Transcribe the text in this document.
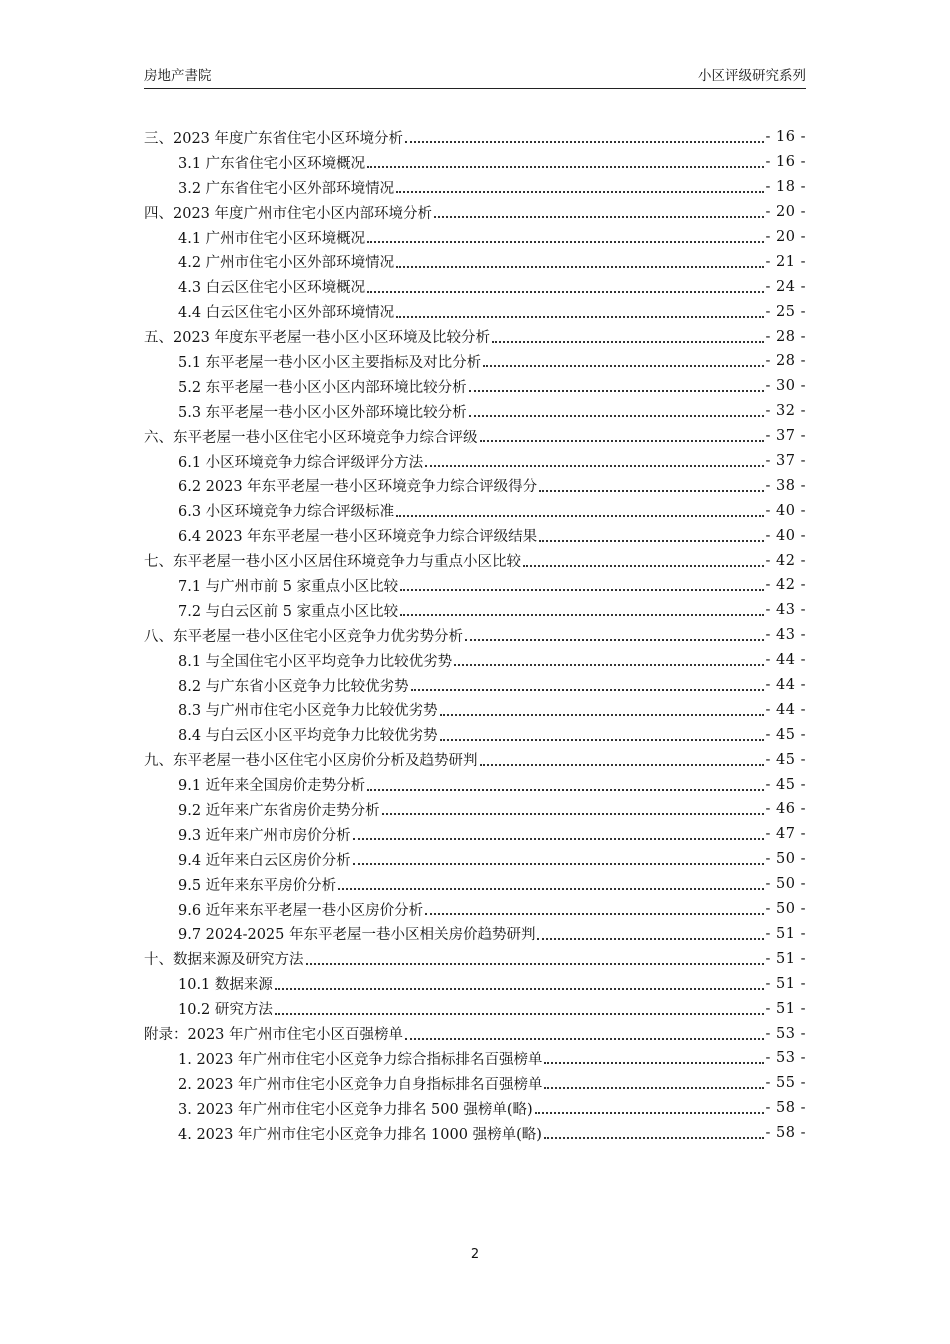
房地产書院	小区评级研究系列
三、2023 年度广东省住宅小区环境分析	- 16 -
3.1 广东省住宅小区环境概况	- 16 -
3.2 广东省住宅小区外部环境情况	- 18 -
四、2023 年度广州市住宅小区内部环境分析	- 20 -
4.1 广州市住宅小区环境概况	- 20 -
4.2 广州市住宅小区外部环境情况	- 21 -
4.3 白云区住宅小区环境概况	- 24 -
4.4 白云区住宅小区外部环境情况	- 25 -
五、2023 年度东平老屋一巷小区小区环境及比较分析	- 28 -
5.1 东平老屋一巷小区小区主要指标及对比分析	- 28 -
5.2 东平老屋一巷小区小区内部环境比较分析	- 30 -
5.3 东平老屋一巷小区小区外部环境比较分析	- 32 -
六、东平老屋一巷小区住宅小区环境竞争力综合评级	- 37 -
6.1 小区环境竞争力综合评级评分方法	- 37 -
6.2 2023 年东平老屋一巷小区环境竞争力综合评级得分	- 38 -
6.3 小区环境竞争力综合评级标准	- 40 -
6.4 2023 年东平老屋一巷小区环境竞争力综合评级结果	- 40 -
七、东平老屋一巷小区小区居住环境竞争力与重点小区比较	- 42 -
7.1 与广州市前 5 家重点小区比较	- 42 -
7.2 与白云区前 5 家重点小区比较	- 43 -
八、东平老屋一巷小区住宅小区竞争力优劣势分析	- 43 -
8.1 与全国住宅小区平均竞争力比较优劣势	- 44 -
8.2 与广东省小区竞争力比较优劣势	- 44 -
8.3 与广州市住宅小区竞争力比较优劣势	- 44 -
8.4 与白云区小区平均竞争力比较优劣势	- 45 -
九、东平老屋一巷小区住宅小区房价分析及趋势研判	- 45 -
9.1 近年来全国房价走势分析	- 45 -
9.2 近年来广东省房价走势分析	- 46 -
9.3 近年来广州市房价分析	- 47 -
9.4 近年来白云区房价分析	- 50 -
9.5 近年来东平房价分析	- 50 -
9.6 近年来东平老屋一巷小区房价分析	- 50 -
9.7 2024-2025 年东平老屋一巷小区相关房价趋势研判	- 51 -
十、数据来源及研究方法	- 51 -
10.1 数据来源	- 51 -
10.2 研究方法	- 51 -
附录：2023 年广州市住宅小区百强榜单	- 53 -
1. 2023 年广州市住宅小区竞争力综合指标排名百强榜单	- 53 -
2. 2023 年广州市住宅小区竞争力自身指标排名百强榜单	- 55 -
3. 2023 年广州市住宅小区竞争力排名 500 强榜单(略)	- 58 -
4. 2023 年广州市住宅小区竞争力排名 1000 强榜单(略)	- 58 -
2
